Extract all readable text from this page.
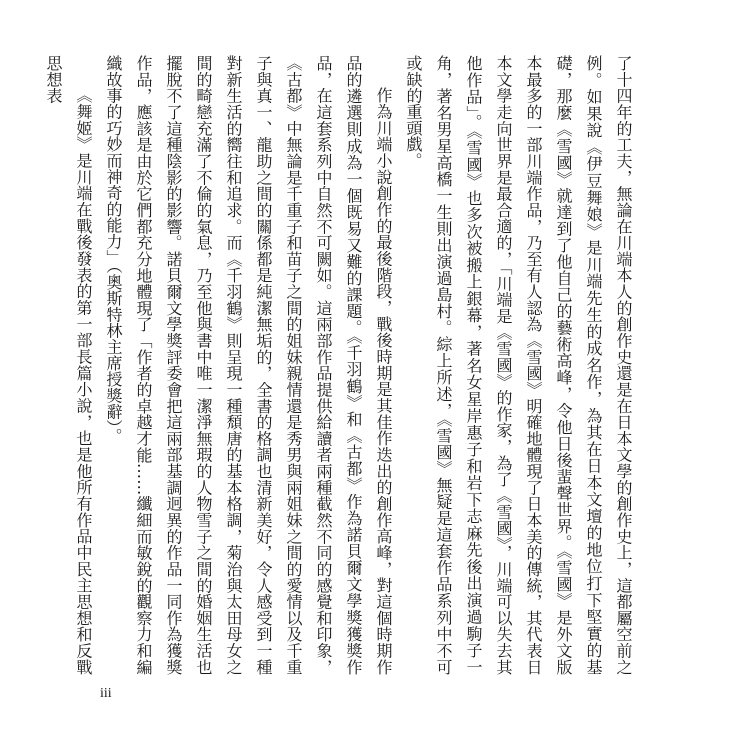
了十四年的工夫，無論在川端本人的創作史還是在日本文學的創作史上，這都屬空前之例。如果說《伊豆舞娘》是川端先生的成名作，為其在日本文壇的地位打下堅實的基礎，那麼《雪國》就達到了他自己的藝術高峰，令他日後蜚聲世界。《雪國》是外文版本最多的一部川端作品，乃至有人認為《雪國》明確地體現了日本美的傳統，其代表日本文學走向世界是最合適的，「川端是《雪國》的作家，為了《雪國》，川端可以失去其他作品」。《雪國》也多次被搬上銀幕，著名女星岸惠子和岩下志麻先後出演過駒子一角，著名男星高橋一生則出演過島村。綜上所述，《雪國》無疑是這套作品系列中不可或缺的重頭戲。

作為川端小說創作的最後階段，戰後時期是其佳作迭出的創作高峰，對這個時期作品的遴選則成為一個既易又難的課題。《千羽鶴》和《古都》作為諾貝爾文學獎獲獎作品，在這套系列中自然不可闕如。這兩部作品提供給讀者兩種截然不同的感覺和印象，《古都》中無論是千重子和苗子之間的姐妹親情還是秀男與兩姐妹之間的愛情以及千重子與真一、龍助之間的關係都是純潔無垢的，全書的格調也清新美好，令人感受到一種對新生活的嚮往和追求。而《千羽鶴》則呈現一種頹唐的基本格調，菊治與太田母女之間的畸戀充滿了不倫的氣息，乃至他與書中唯一潔淨無瑕的人物雪子之間的婚姻生活也擺脫不了這種陰影的影響。諾貝爾文學獎評委會把這兩部基調迥異的作品一同作為獲獎作品，應該是由於它們都充分地體現了「作者的卓越才能……纖細而敏銳的觀察力和編織故事的巧妙而神奇的能力」（奧斯特林主席授獎辭）。

《舞姬》是川端在戰後發表的第一部長篇小說，也是他所有作品中民主思想和反戰思想表

iii
